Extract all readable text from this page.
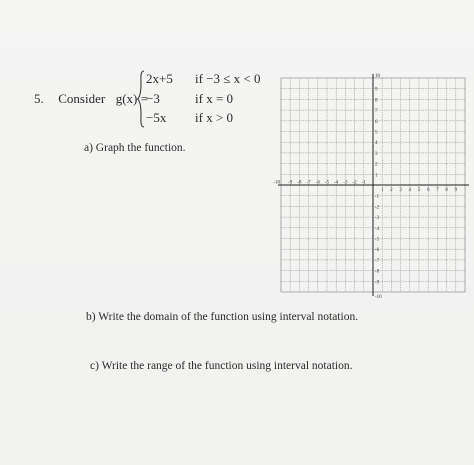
5. Consider g(x) =
2x+5
−3
−5x
if −3 ≤ x < 0
if x = 0
if x > 0
a) Graph the function.
b) Write the domain of the function using interval notation.
c) Write the range of the function using interval notation.
10
-10
-10 -9 -8 -7 -6 -5 -4 -3 -2 -1
1 2 3 4 5 6 7 8 9
9
8
7
6
5
4
3
2
1
-1
-2
-3
-4
-5
-6
-7
-8
-9
